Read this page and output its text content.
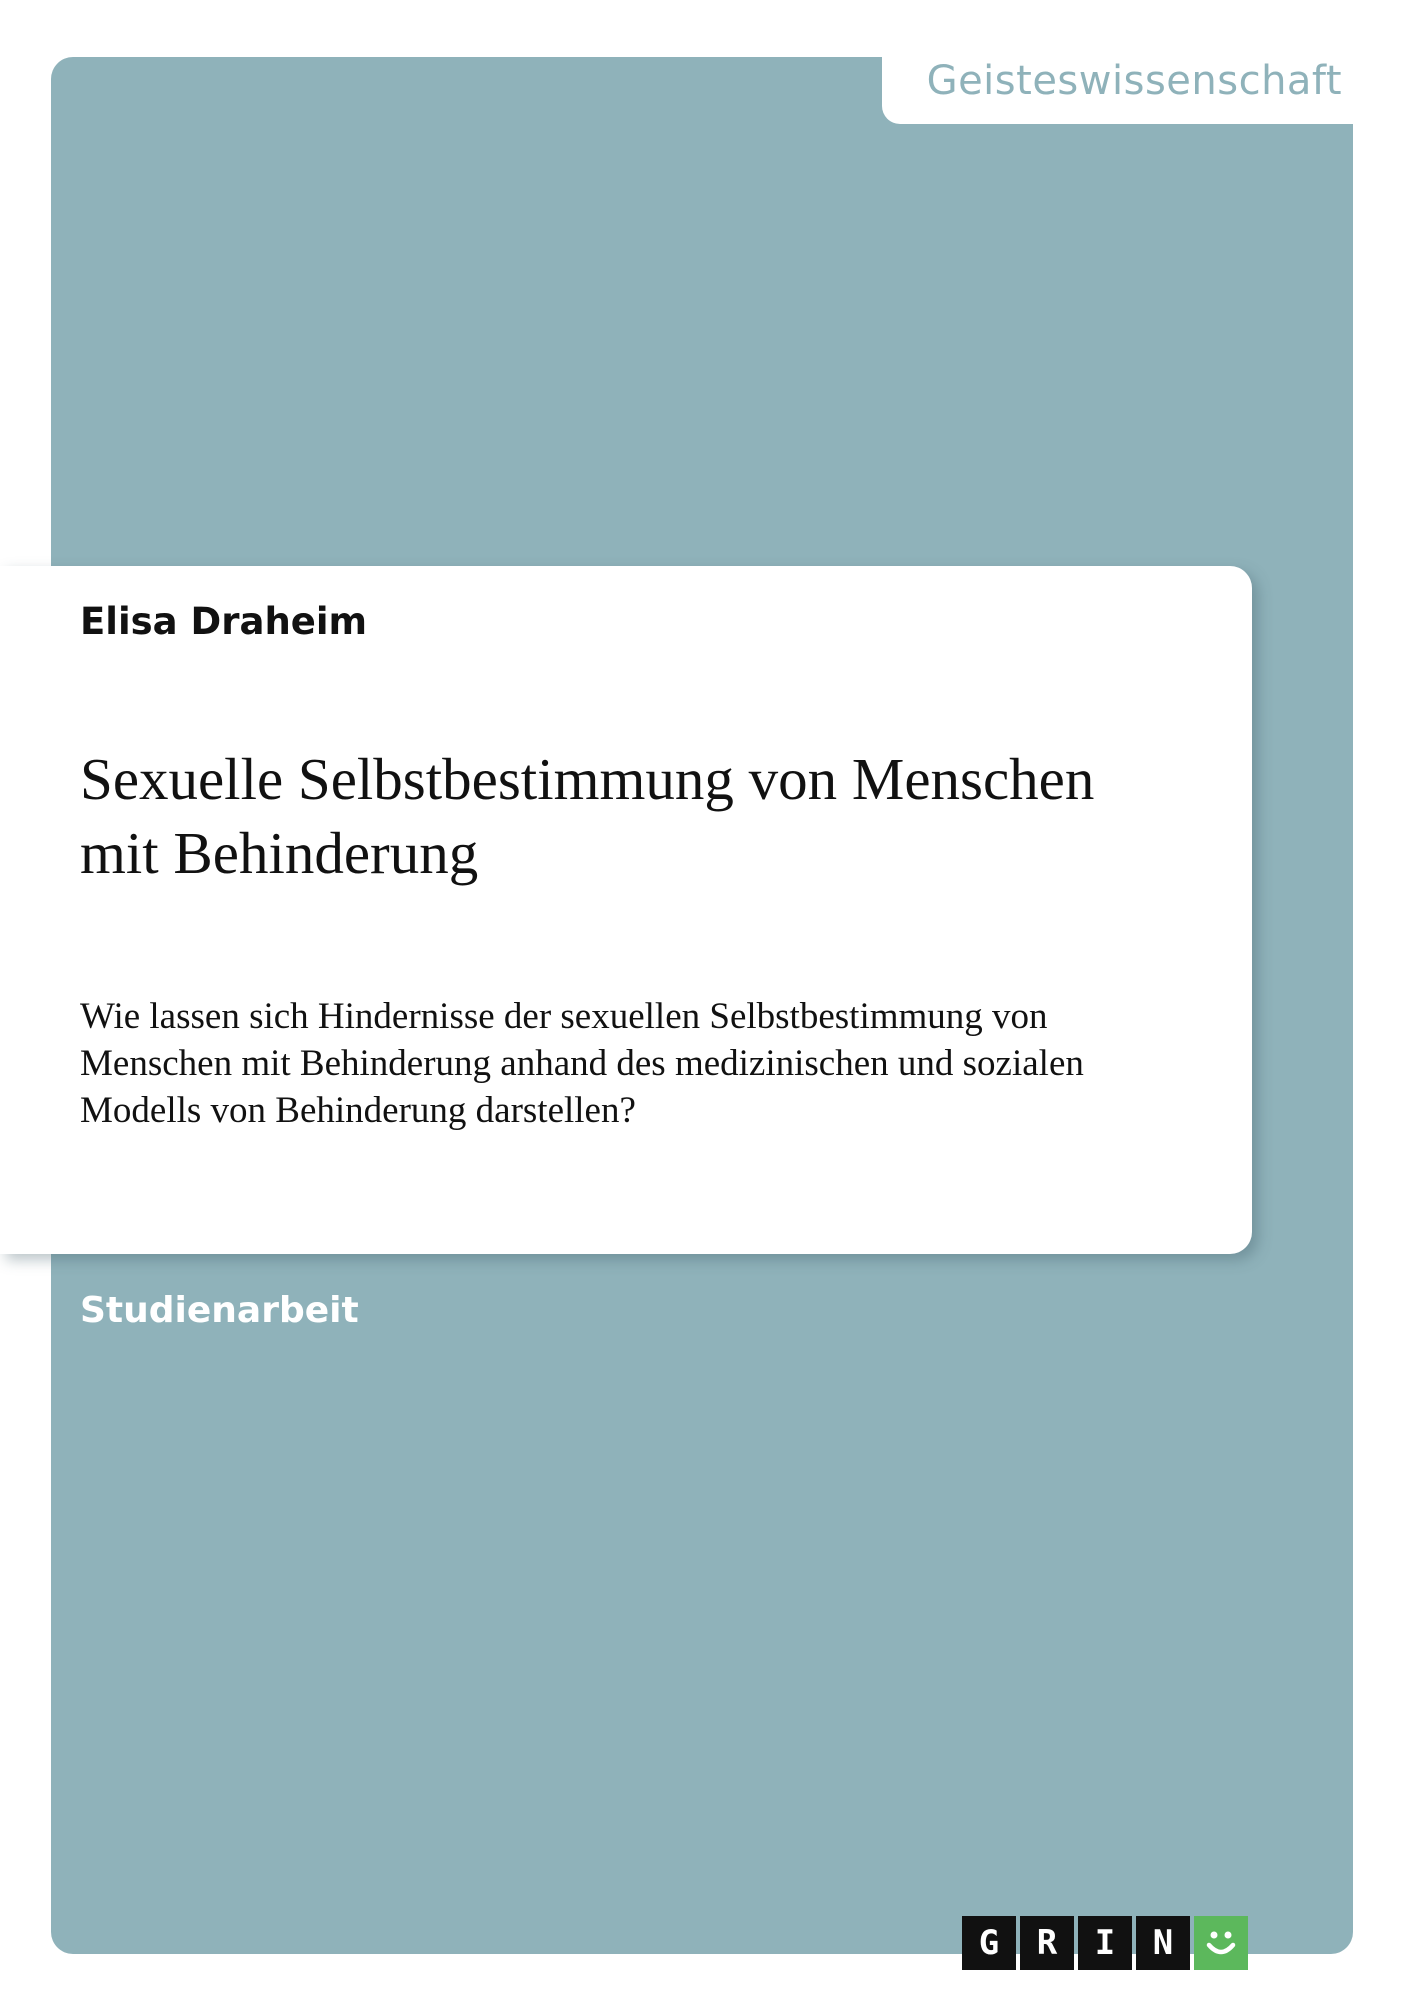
Geisteswissenschaft
Elisa Draheim
Sexuelle Selbstbestimmung von Menschen
mit Behinderung

Wie lassen sich Hindernisse der sexuellen Selbstbestimmung von
Menschen mit Behinderung anhand des medizinischen und sozialen
Modells von Behinderung darstellen?

Studienarbeit
G	R	I	N
